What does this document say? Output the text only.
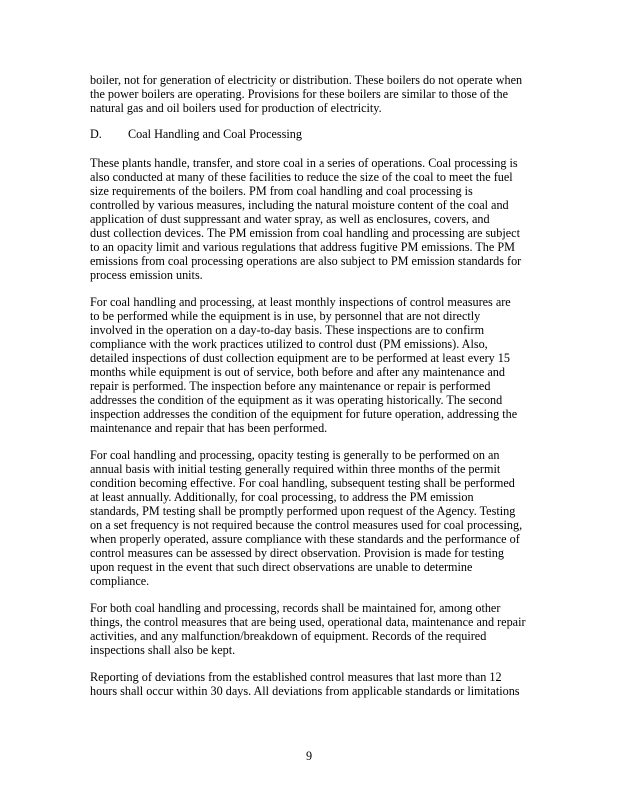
boiler, not for generation of electricity or distribution. These boilers do not operate when

the power boilers are operating. Provisions for these boilers are similar to those of the

natural gas and oil boilers used for production of electricity.

D. Coal Handling and Coal Processing

These plants handle, transfer, and store coal in a series of operations. Coal processing is

also conducted at many of these facilities to reduce the size of the coal to meet the fuel

size requirements of the boilers. PM from coal handling and coal processing is

controlled by various measures, including the natural moisture content of the coal and

application of dust suppressant and water spray, as well as enclosures, covers, and

dust collection devices. The PM emission from coal handling and processing are subject

to an opacity limit and various regulations that address fugitive PM emissions. The PM

emissions from coal processing operations are also subject to PM emission standards for

process emission units.

For coal handling and processing, at least monthly inspections of control measures are

to be performed while the equipment is in use, by personnel that are not directly

involved in the operation on a day-to-day basis. These inspections are to confirm

compliance with the work practices utilized to control dust (PM emissions). Also,

detailed inspections of dust collection equipment are to be performed at least every 15

months while equipment is out of service, both before and after any maintenance and

repair is performed. The inspection before any maintenance or repair is performed

addresses the condition of the equipment as it was operating historically. The second

inspection addresses the condition of the equipment for future operation, addressing the

maintenance and repair that has been performed.

For coal handling and processing, opacity testing is generally to be performed on an

annual basis with initial testing generally required within three months of the permit

condition becoming effective. For coal handling, subsequent testing shall be performed

at least annually. Additionally, for coal processing, to address the PM emission

standards, PM testing shall be promptly performed upon request of the Agency. Testing

on a set frequency is not required because the control measures used for coal processing,

when properly operated, assure compliance with these standards and the performance of

control measures can be assessed by direct observation. Provision is made for testing

upon request in the event that such direct observations are unable to determine

compliance.

For both coal handling and processing, records shall be maintained for, among other

things, the control measures that are being used, operational data, maintenance and repair

activities, and any malfunction/breakdown of equipment. Records of the required

inspections shall also be kept.

Reporting of deviations from the established control measures that last more than 12

hours shall occur within 30 days. All deviations from applicable standards or limitations

9
